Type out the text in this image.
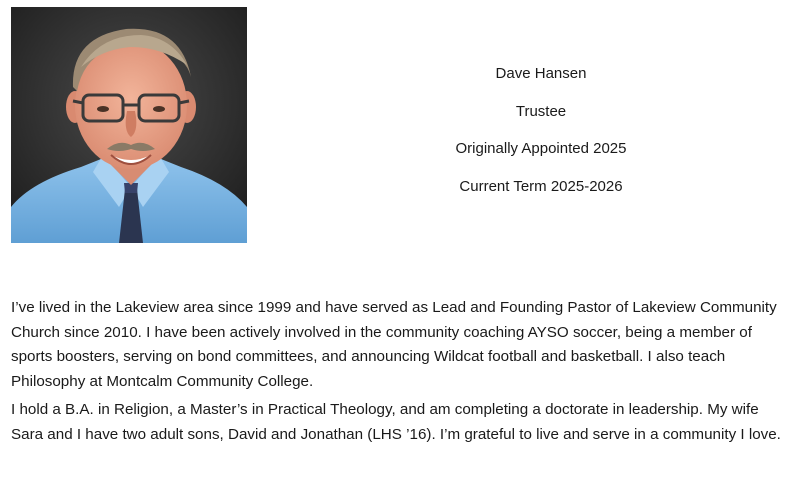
Dave Hansen
Trustee
Originally Appointed 2025
Current Term 2025-2026

I’ve lived in the Lakeview area since 1999 and have served as Lead and Founding Pastor of Lakeview Community Church since 2010. I have been actively involved in the community coaching AYSO soccer, being a member of sports boosters, serving on bond committees, and announcing Wildcat football and basketball. I also teach Philosophy at Montcalm Community College.

I hold a B.A. in Religion, a Master’s in Practical Theology, and am completing a doctorate in leadership. My wife Sara and I have two adult sons, David and Jonathan (LHS ’16). I’m grateful to live and serve in a community I love.
